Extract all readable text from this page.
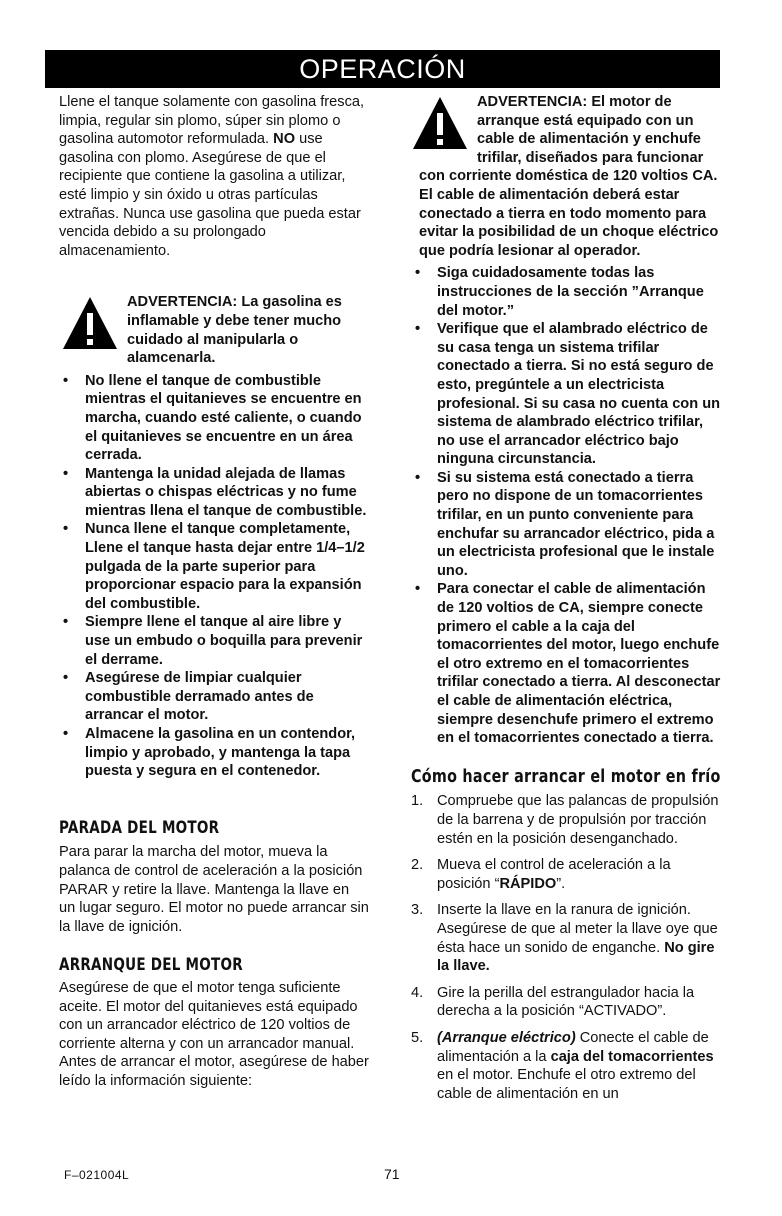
OPERACIÓN

Llene el tanque solamente con gasolina fresca, limpia, regular sin plomo, súper sin plomo o gasolina automotor reformulada. NO use gasolina con plomo. Asegúrese de que el recipiente que contiene la gasolina a utilizar, esté limpio y sin óxido u otras partículas extrañas. Nunca use gasolina que pueda estar vencida debido a su prolongado almacenamiento.

ADVERTENCIA: La gasolina es inflamable y debe tener mucho cuidado al manipularla o alamcenarla.
• No llene el tanque de combustible mientras el quitanieves se encuentre en marcha, cuando esté caliente, o cuando el quitanieves se encuentre en un área cerrada.
• Mantenga la unidad alejada de llamas abiertas o chispas eléctricas y no fume mientras llena el tanque de combustible.
• Nunca llene el tanque completamente, Llene el tanque hasta dejar entre 1/4–1/2 pulgada de la parte superior para proporcionar espacio para la expansión del combustible.
• Siempre llene el tanque al aire libre y use un embudo o boquilla para prevenir el derrame.
• Asegúrese de limpiar cualquier combustible derramado antes de arrancar el motor.
• Almacene la gasolina en un contendor, limpio y aprobado, y mantenga la tapa puesta y segura en el contenedor.
PARADA DEL MOTOR

Para parar la marcha del motor, mueva la palanca de control de aceleración a la posición PARAR y retire la llave. Mantenga la llave en un lugar seguro. El motor no puede arrancar sin la llave de ignición.

ARRANQUE DEL MOTOR

Asegúrese de que el motor tenga suficiente aceite. El motor del quitanieves está equipado con un arrancador eléctrico de 120 voltios de corriente alterna y con un arrancador manual. Antes de arrancar el motor, asegúrese de haber leído la información siguiente:

ADVERTENCIA: El motor de arranque está equipado con un cable de alimentación y enchufe trifilar, diseñados para funcionar con corriente doméstica de 120 voltios CA. El cable de alimentación deberá estar conectado a tierra en todo momento para evitar la posibilidad de un choque eléctrico que podría lesionar al operador.
• Siga cuidadosamente todas las instrucciones de la sección ”Arranque del motor.”
• Verifique que el alambrado eléctrico de su casa tenga un sistema trifilar conectado a tierra. Si no está seguro de esto, pregúntele a un electricista profesional. Si su casa no cuenta con un sistema de alambrado eléctrico trifilar, no use el arrancador eléctrico bajo ninguna circunstancia.
• Si su sistema está conectado a tierra pero no dispone de un tomacorrientes trifilar, en un punto conveniente para enchufar su arrancador eléctrico, pida a un electricista profesional que le instale uno.
• Para conectar el cable de alimentación de 120 voltios de CA, siempre conecte primero el cable a la caja del tomacorrientes del motor, luego enchufe el otro extremo en el tomacorrientes trifilar conectado a tierra. Al desconectar el cable de alimentación eléctrica, siempre desenchufe primero el extremo en el tomacorrientes conectado a tierra.
Cómo hacer arrancar el motor en frío
1. Compruebe que las palancas de propulsión de la barrena y de propulsión por tracción estén en la posición desenganchado.
2. Mueva el control de aceleración a la posición “RÁPIDO”.
3. Inserte la llave en la ranura de ignición. Asegúrese de que al meter la llave oye que ésta hace un sonido de enganche. No gire la llave.
4. Gire la perilla del estrangulador hacia la derecha a la posición “ACTIVADO”.
5. (Arranque eléctrico) Conecte el cable de alimentación a la caja del tomacorrientes en el motor. Enchufe el otro extremo del cable de alimentación en un
F–021004L	71
